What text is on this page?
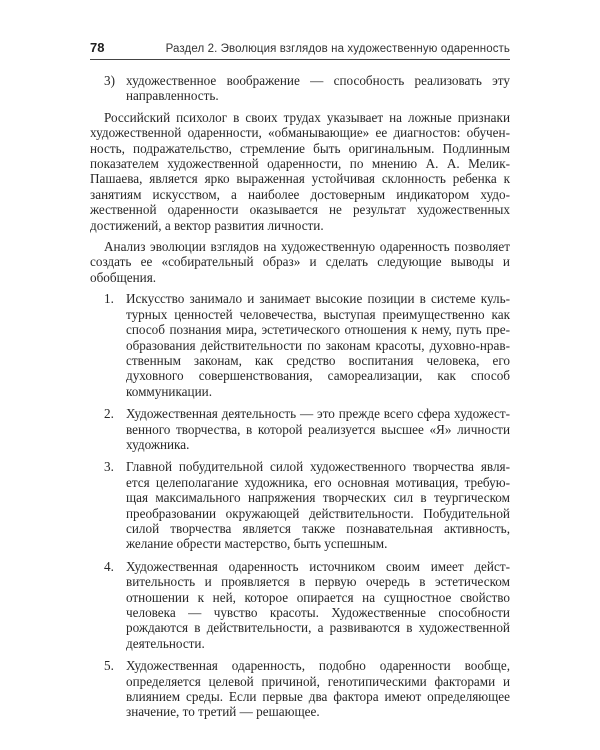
78	Раздел 2. Эволюция взглядов на художественную одаренность
3) художественное воображение — способность реализовать эту направленность.

Российский психолог в своих трудах указывает на ложные признаки художественной одаренности, «обманывающие» ее диагностов: обученность, подражательство, стремление быть оригинальным. Подлинным показателем художественной одаренности, по мнению А. А. Мелик-Пашаева, является ярко выраженная устойчивая склонность ребенка к занятиям искусством, а наиболее достоверным индикатором художественной одаренности оказывается не результат художественных достижений, а вектор развития личности.

Анализ эволюции взглядов на художественную одаренность позволяет создать ее «собирательный образ» и сделать следующие выводы и обобщения.

1. Искусство занимало и занимает высокие позиции в системе культурных ценностей человечества, выступая преимущественно как способ познания мира, эстетического отношения к нему, путь преобразования действительности по законам красоты, духовно-нравственным законам, как средство воспитания человека, его духовного совершенствования, самореализации, как способ коммуникации.
2. Художественная деятельность — это прежде всего сфера художественного творчества, в которой реализуется высшее «Я» личности художника.
3. Главной побудительной силой художественного творчества является целеполагание художника, его основная мотивация, требующая максимального напряжения творческих сил в теургическом преобразовании окружающей действительности. Побудительной силой творчества является также познавательная активность, желание обрести мастерство, быть успешным.
4. Художественная одаренность источником своим имеет действительность и проявляется в первую очередь в эстетическом отношении к ней, которое опирается на сущностное свойство человека — чувство красоты. Художественные способности рождаются в действительности, а развиваются в художественной деятельности.
5. Художественная одаренность, подобно одаренности вообще, определяется целевой причиной, генотипическими факторами и влиянием среды. Если первые два фактора имеют определяющее значение, то третий — решающее.
